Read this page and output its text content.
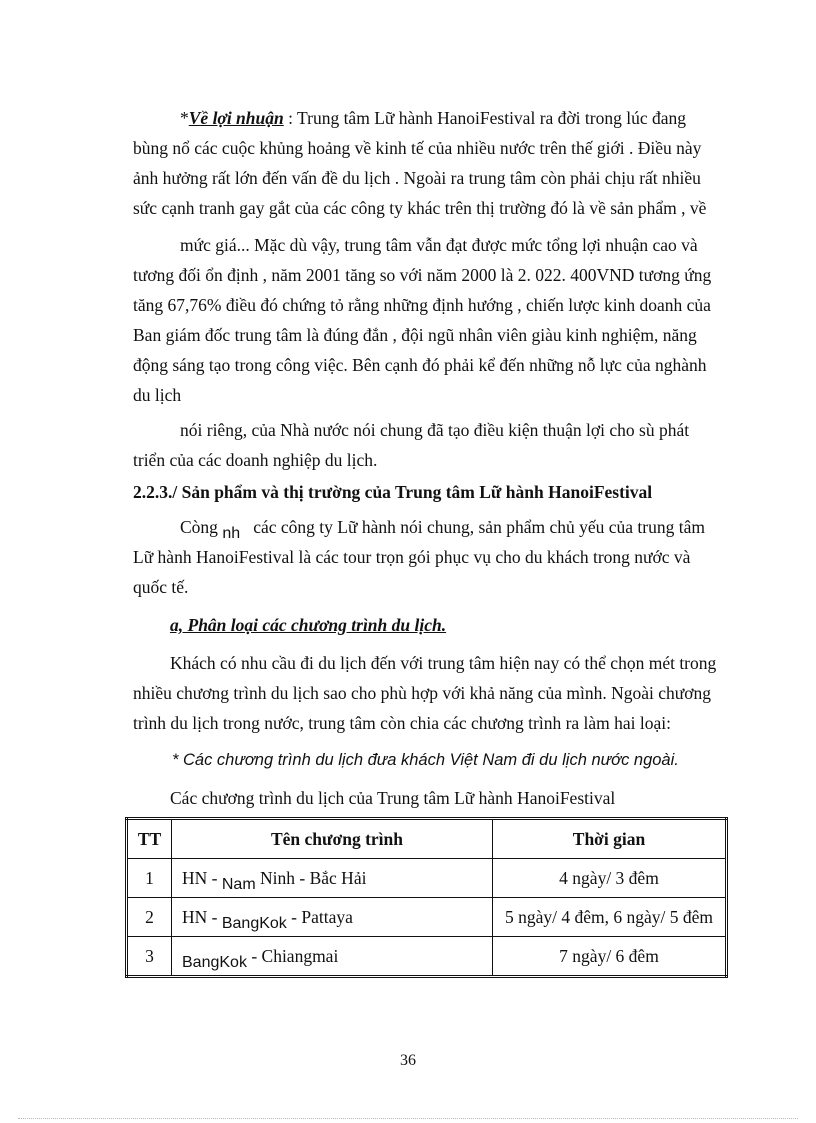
*Về lợi nhuận : Trung tâm Lữ hành HanoiFestival ra đời trong lúc đang
bùng nổ các cuộc khủng hoảng về kinh tế của nhiều nước trên thế giới . Điều này
ảnh hưởng rất lớn đến vấn đề du lịch . Ngoài ra trung tâm còn phải chịu rất nhiều
sức cạnh tranh gay gắt của các công ty khác trên thị trường đó là về sản phẩm , về
mức giá... Mặc dù vậy, trung tâm vẫn đạt được mức tổng lợi nhuận cao và
tương đối ổn định , năm 2001 tăng so với năm 2000 là 2. 022. 400VND tương ứng
tăng 67,76% điều đó chứng tỏ rằng những định hướng , chiến lược kinh doanh của
Ban giám đốc trung tâm là đúng đắn , đội ngũ nhân viên giàu kinh nghiệm, năng
động sáng tạo trong công việc. Bên cạnh đó phải kể đến những nỗ lực của nghành
du lịch
nói riêng, của Nhà nước nói chung đã tạo điều kiện thuận lợi cho sù phát
triển của các doanh nghiệp du lịch.
2.2.3./ Sản phẩm và thị trường của Trung tâm Lữ hành HanoiFestival
Còng nh các công ty Lữ hành nói chung, sản phẩm chủ yếu của trung tâm
Lữ hành HanoiFestival là các tour trọn gói phục vụ cho du khách trong nước và
quốc tế.
a, Phân loại các chương trình du lịch.
Khách có nhu cầu đi du lịch đến với trung tâm hiện nay có thể chọn mét trong
nhiều chương trình du lịch sao cho phù hợp với khả năng của mình. Ngoài chương
trình du lịch trong nước, trung tâm còn chia các chương trình ra làm hai loại:
* Các chương trình du lịch đưa khách Việt Nam đi du lịch nước ngoài.
Các chương trình du lịch của Trung tâm Lữ hành HanoiFestival
TT	Tên chương trình	Thời gian
1	HN - Nam Ninh - Bắc Hải	4 ngày/ 3 đêm
2	HN - BangKok - Pattaya	5 ngày/ 4 đêm, 6 ngày/ 5 đêm
3	BangKok - Chiangmai	7 ngày/ 6 đêm
36
